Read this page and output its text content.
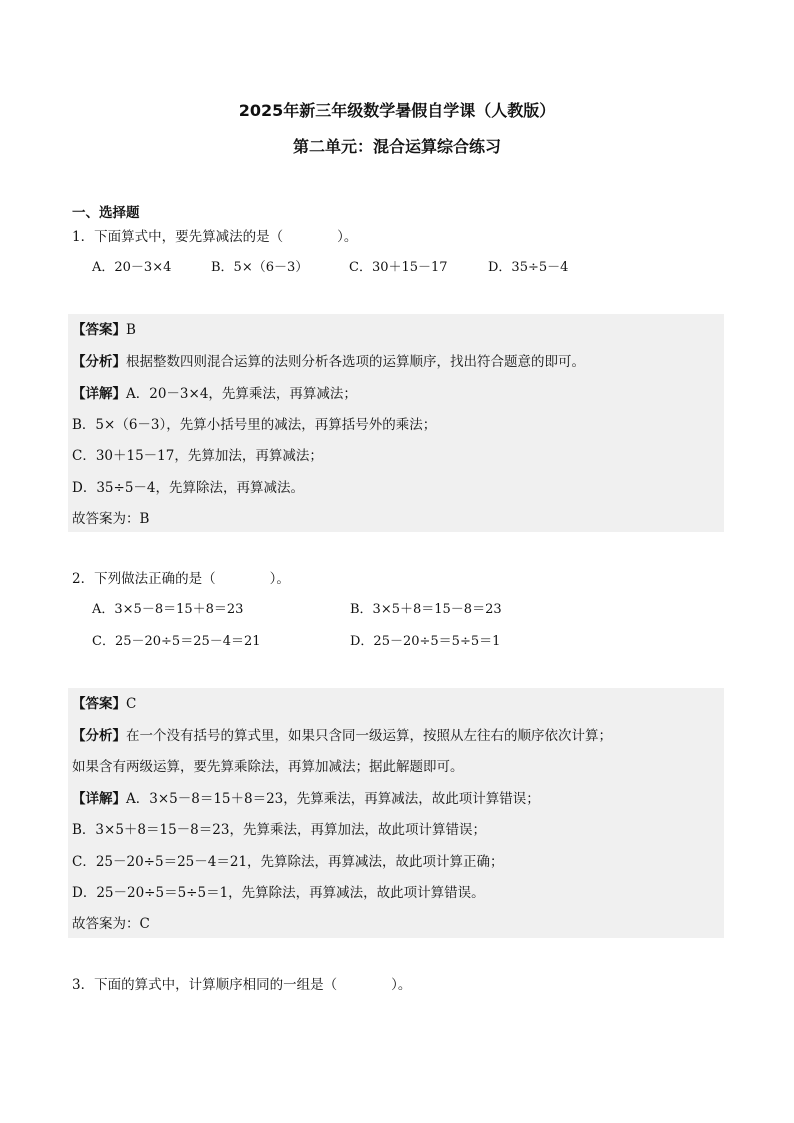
2025年新三年级数学暑假自学课（人教版）
第二单元：混合运算综合练习
一、选择题
1．下面算式中，要先算减法的是（　　　　）。
A．20－3×4	B．5×（6－3）	C．30＋15－17	D．35÷5－4
【答案】B
【分析】根据整数四则混合运算的法则分析各选项的运算顺序，找出符合题意的即可。
【详解】A．20－3×4，先算乘法，再算减法；
B．5×（6－3），先算小括号里的减法，再算括号外的乘法；
C．30＋15－17，先算加法，再算减法；
D．35÷5－4，先算除法，再算减法。
故答案为：B
2．下列做法正确的是（　　　　）。
A．3×5－8＝15＋8＝23	B．3×5＋8＝15－8＝23
C．25－20÷5＝25－4＝21	D．25－20÷5＝5÷5＝1
【答案】C
【分析】在一个没有括号的算式里，如果只含同一级运算，按照从左往右的顺序依次计算；
如果含有两级运算，要先算乘除法，再算加减法；据此解题即可。
【详解】A．3×5－8＝15＋8＝23，先算乘法，再算减法，故此项计算错误；
B．3×5＋8＝15－8＝23，先算乘法，再算加法，故此项计算错误；
C．25－20÷5＝25－4＝21，先算除法，再算减法，故此项计算正确；
D．25－20÷5＝5÷5＝1，先算除法，再算减法，故此项计算错误。
故答案为：C
3．下面的算式中，计算顺序相同的一组是（　　　　）。
